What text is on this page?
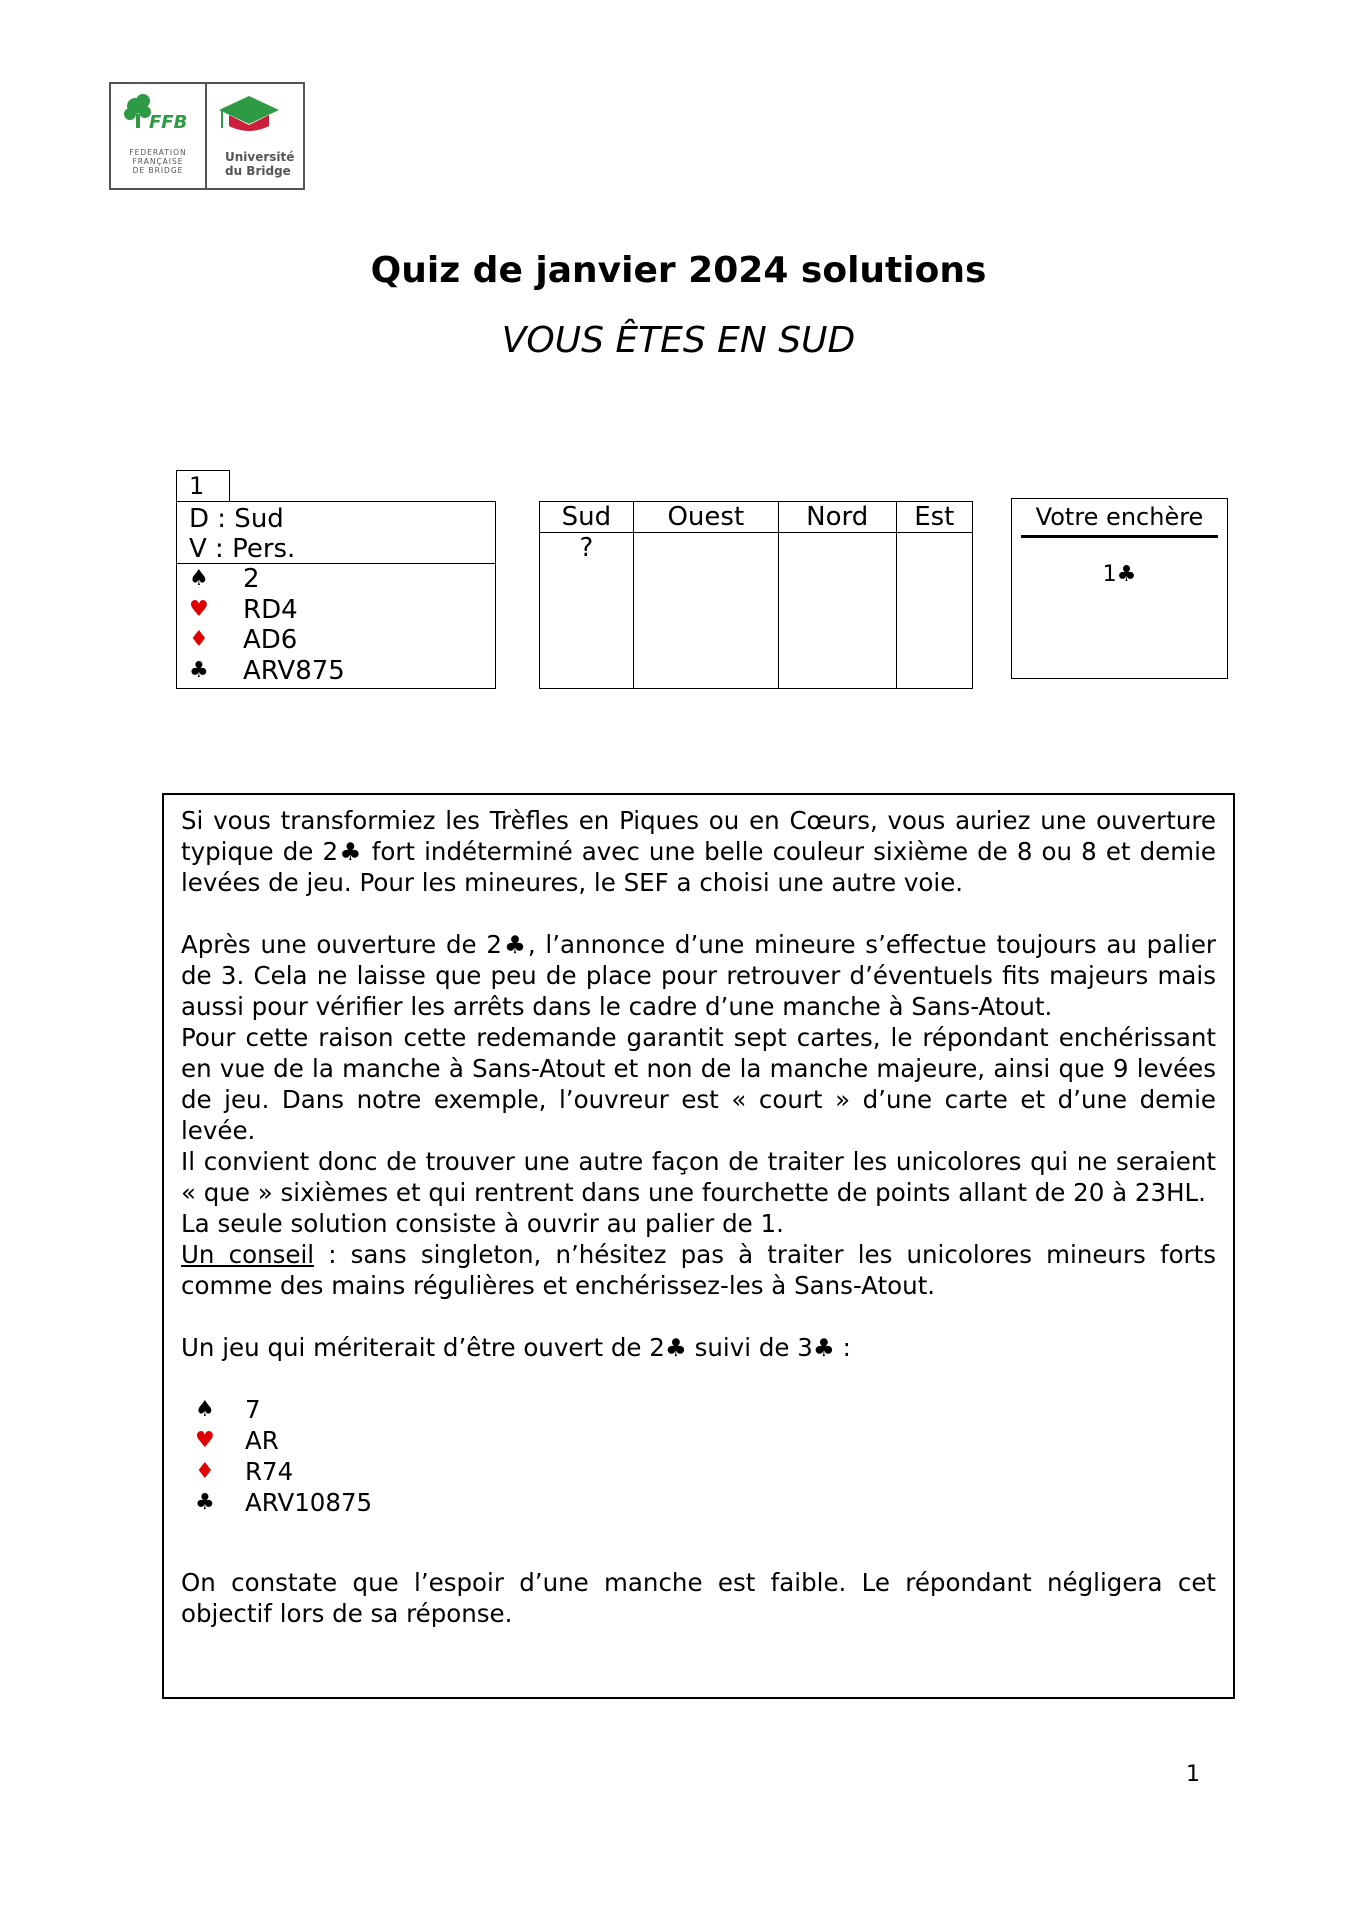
FFB
FEDERATION
FRANÇAISE
DE BRIDGE
Université
du Bridge
Quiz de janvier 2024 solutions
VOUS ÊTES EN SUD
1
D : Sud
V : Pers.
♠	2
♥	RD4
♦	AD6
♣	ARV875
Sud	Ouest	Nord	Est
?			
Votre enchère
1♣

Si vous transformiez les Trèfles en Piques ou en Cœurs, vous auriez une ouverture typique de 2♣ fort indéterminé avec une belle couleur sixième de 8 ou 8 et demie levées de jeu. Pour les mineures, le SEF a choisi une autre voie.

Après une ouverture de 2♣, l’annonce d’une mineure s’effectue toujours au palier de 3. Cela ne laisse que peu de place pour retrouver d’éventuels fits majeurs mais aussi pour vérifier les arrêts dans le cadre d’une manche à Sans-Atout.

Pour cette raison cette redemande garantit sept cartes, le répondant enchérissant en vue de la manche à Sans-Atout et non de la manche majeure, ainsi que 9 levées de jeu. Dans notre exemple, l’ouvreur est « court » d’une carte et d’une demie levée.

Il convient donc de trouver une autre façon de traiter les unicolores qui ne seraient « que » sixièmes et qui rentrent dans une fourchette de points allant de 20 à 23HL.

La seule solution consiste à ouvrir au palier de 1.

Un conseil : sans singleton, n’hésitez pas à traiter les unicolores mineurs forts comme des mains régulières et enchérissez-les à Sans-Atout.

Un jeu qui mériterait d’être ouvert de 2♣ suivi de 3♣ :

♠	7
♥	AR
♦	R74
♣	ARV10875

On constate que l’espoir d’une manche est faible. Le répondant négligera cet objectif lors de sa réponse.

1
